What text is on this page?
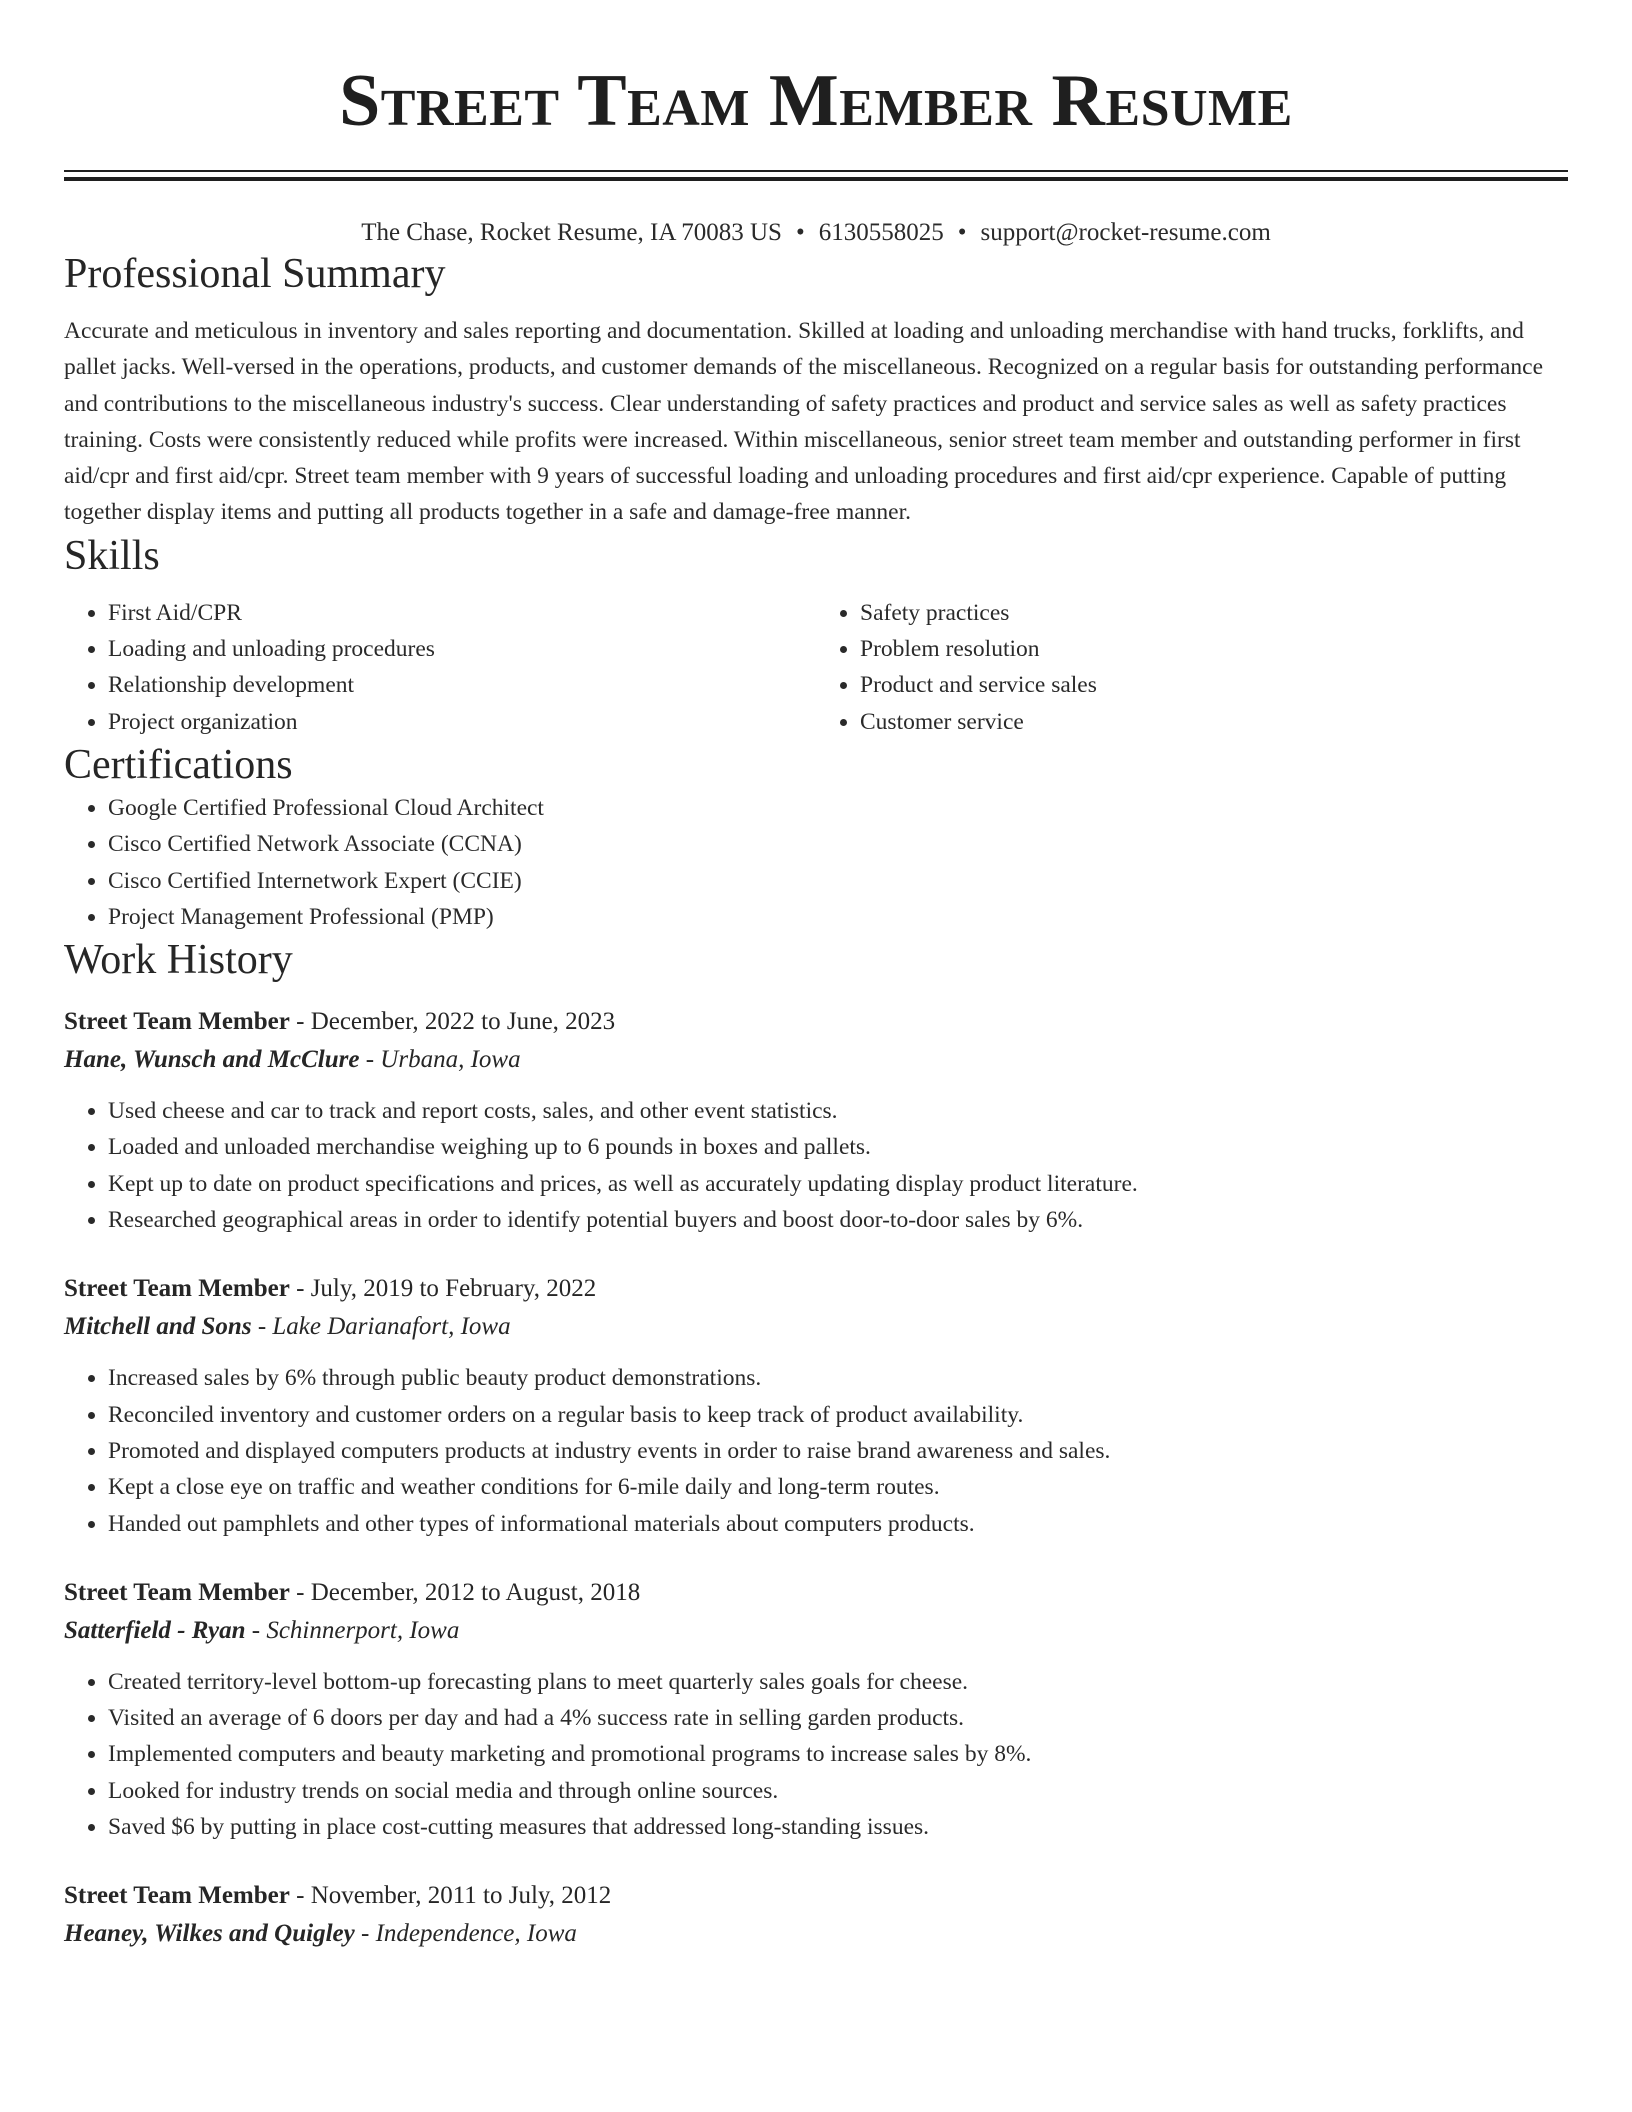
Street Team Member Resume
The Chase, Rocket Resume, IA 70083 US • 6130558025 • support@rocket-resume.com
Professional Summary

Accurate and meticulous in inventory and sales reporting and documentation. Skilled at loading and unloading merchandise with hand trucks, forklifts, and pallet jacks. Well-versed in the operations, products, and customer demands of the miscellaneous. Recognized on a regular basis for outstanding performance and contributions to the miscellaneous industry's success. Clear understanding of safety practices and product and service sales as well as safety practices training. Costs were consistently reduced while profits were increased. Within miscellaneous, senior street team member and outstanding performer in first aid/cpr and first aid/cpr. Street team member with 9 years of successful loading and unloading procedures and first aid/cpr experience. Capable of putting together display items and putting all products together in a safe and damage-free manner.

Skills
• First Aid/CPR
• Loading and unloading procedures
• Relationship development
• Project organization
• Safety practices
• Problem resolution
• Product and service sales
• Customer service
Certifications
• Google Certified Professional Cloud Architect
• Cisco Certified Network Associate (CCNA)
• Cisco Certified Internetwork Expert (CCIE)
• Project Management Professional (PMP)
Work History
Street Team Member - December, 2022 to June, 2023
Hane, Wunsch and McClure - Urbana, Iowa
• Used cheese and car to track and report costs, sales, and other event statistics.
• Loaded and unloaded merchandise weighing up to 6 pounds in boxes and pallets.
• Kept up to date on product specifications and prices, as well as accurately updating display product literature.
• Researched geographical areas in order to identify potential buyers and boost door-to-door sales by 6%.
Street Team Member - July, 2019 to February, 2022
Mitchell and Sons - Lake Darianafort, Iowa
• Increased sales by 6% through public beauty product demonstrations.
• Reconciled inventory and customer orders on a regular basis to keep track of product availability.
• Promoted and displayed computers products at industry events in order to raise brand awareness and sales.
• Kept a close eye on traffic and weather conditions for 6-mile daily and long-term routes.
• Handed out pamphlets and other types of informational materials about computers products.
Street Team Member - December, 2012 to August, 2018
Satterfield - Ryan - Schinnerport, Iowa
• Created territory-level bottom-up forecasting plans to meet quarterly sales goals for cheese.
• Visited an average of 6 doors per day and had a 4% success rate in selling garden products.
• Implemented computers and beauty marketing and promotional programs to increase sales by 8%.
• Looked for industry trends on social media and through online sources.
• Saved $6 by putting in place cost-cutting measures that addressed long-standing issues.
Street Team Member - November, 2011 to July, 2012
Heaney, Wilkes and Quigley - Independence, Iowa
